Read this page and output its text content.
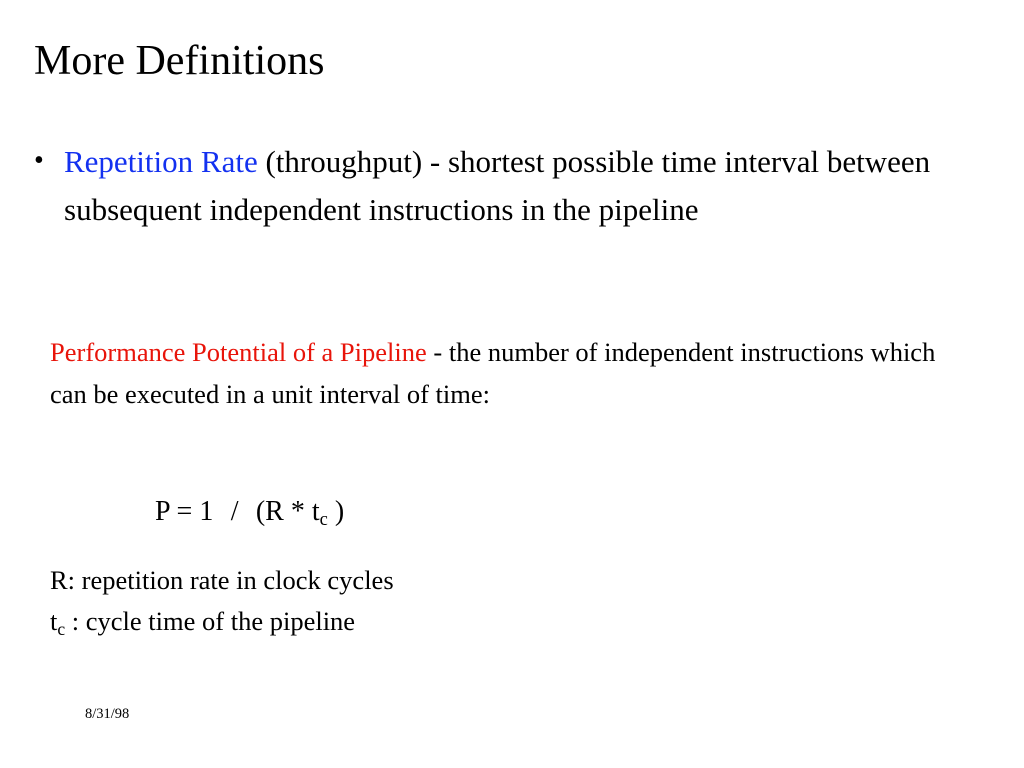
More Definitions
• Repetition Rate (throughput) - shortest possible time interval between subsequent independent instructions in the pipeline
Performance Potential of a Pipeline - the number of independent instructions which can be executed in a unit interval of time:
$P = 1 / (R * t_c$ )
R: repetition rate in clock cycles
$t_c$ : cycle time of the pipeline
8/31/98
